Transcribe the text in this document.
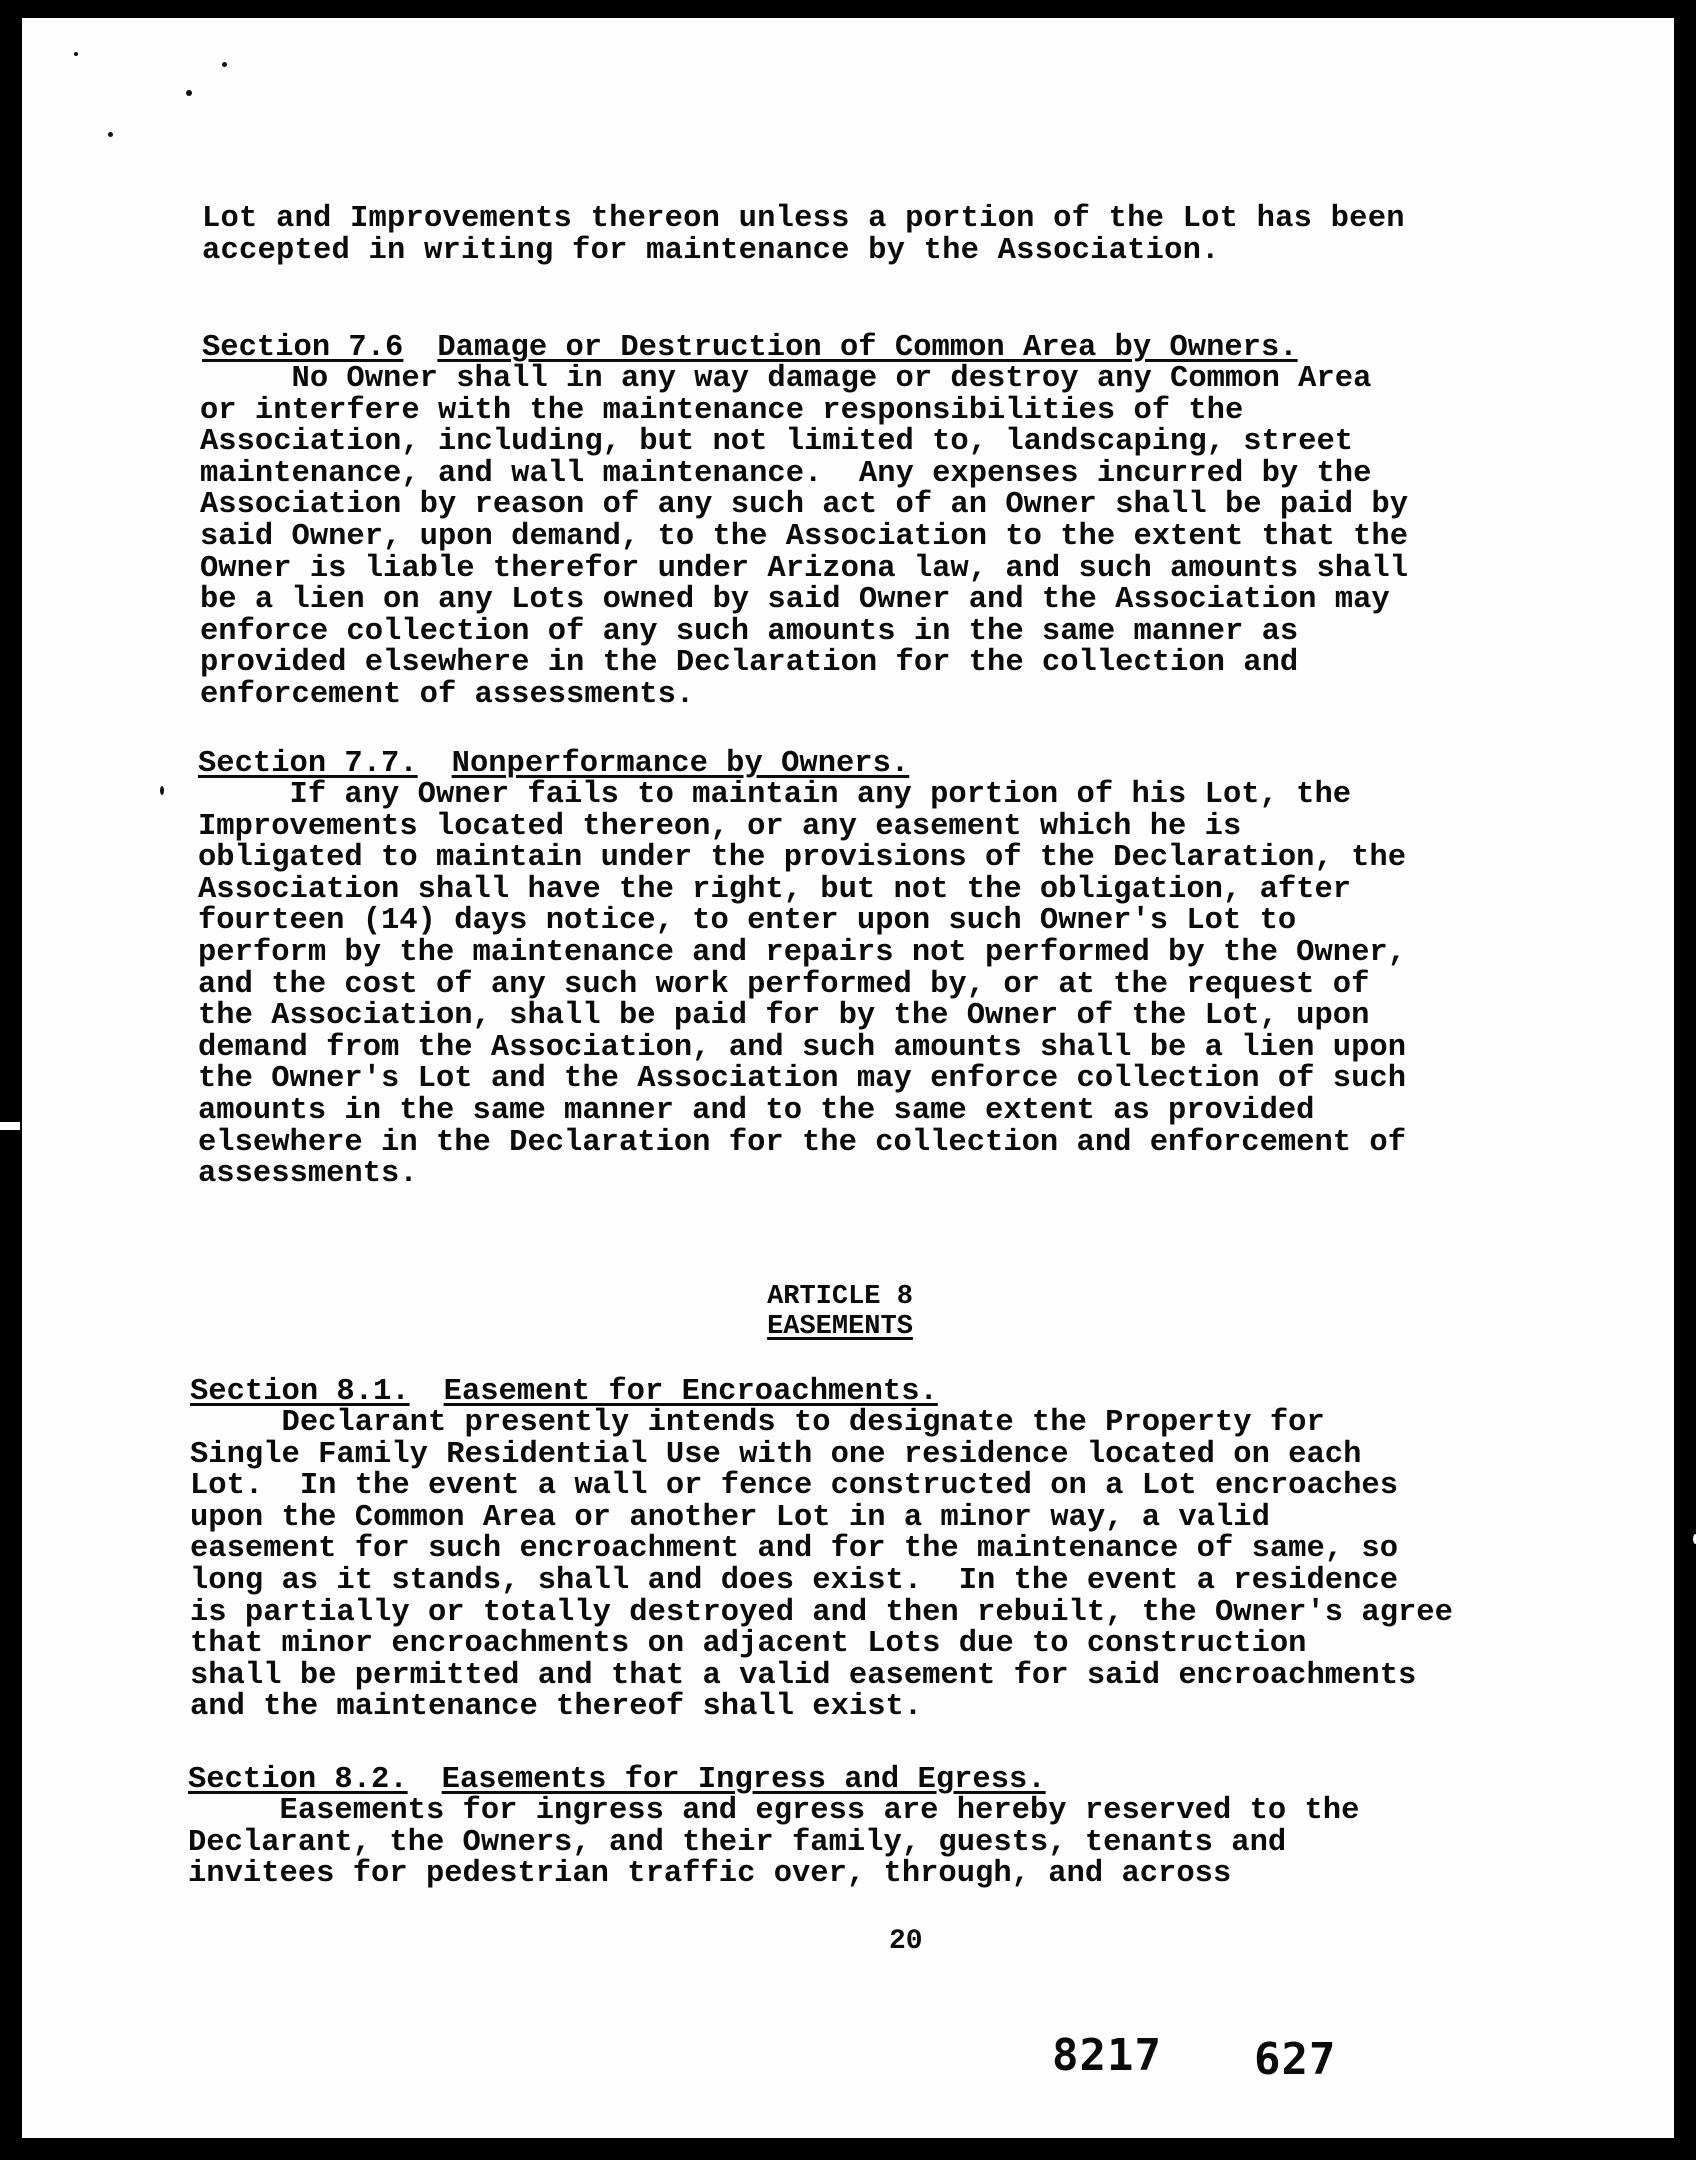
Lot and Improvements thereon unless a portion of the Lot has been
accepted in writing for maintenance by the Association.
Section 7.6 Damage or Destruction of Common Area by Owners.
No Owner shall in any way damage or destroy any Common Area
or interfere with the maintenance responsibilities of the
Association, including, but not limited to, landscaping, street
maintenance, and wall maintenance.  Any expenses incurred by the
Association by reason of any such act of an Owner shall be paid by
said Owner, upon demand, to the Association to the extent that the
Owner is liable therefor under Arizona law, and such amounts shall
be a lien on any Lots owned by said Owner and the Association may
enforce collection of any such amounts in the same manner as
provided elsewhere in the Declaration for the collection and
enforcement of assessments.
Section 7.7. Nonperformance by Owners.
If any Owner fails to maintain any portion of his Lot, the
Improvements located thereon, or any easement which he is
obligated to maintain under the provisions of the Declaration, the
Association shall have the right, but not the obligation, after
fourteen (14) days notice, to enter upon such Owner's Lot to
perform by the maintenance and repairs not performed by the Owner,
and the cost of any such work performed by, or at the request of
the Association, shall be paid for by the Owner of the Lot, upon
demand from the Association, and such amounts shall be a lien upon
the Owner's Lot and the Association may enforce collection of such
amounts in the same manner and to the same extent as provided
elsewhere in the Declaration for the collection and enforcement of
assessments.
ARTICLE 8
EASEMENTS
Section 8.1. Easement for Encroachments.
Declarant presently intends to designate the Property for
Single Family Residential Use with one residence located on each
Lot.  In the event a wall or fence constructed on a Lot encroaches
upon the Common Area or another Lot in a minor way, a valid
easement for such encroachment and for the maintenance of same, so
long as it stands, shall and does exist.  In the event a residence
is partially or totally destroyed and then rebuilt, the Owner's agree
that minor encroachments on adjacent Lots due to construction
shall be permitted and that a valid easement for said encroachments
and the maintenance thereof shall exist.
Section 8.2. Easements for Ingress and Egress.
Easements for ingress and egress are hereby reserved to the
Declarant, the Owners, and their family, guests, tenants and
invitees for pedestrian traffic over, through, and across
20
8217 627
